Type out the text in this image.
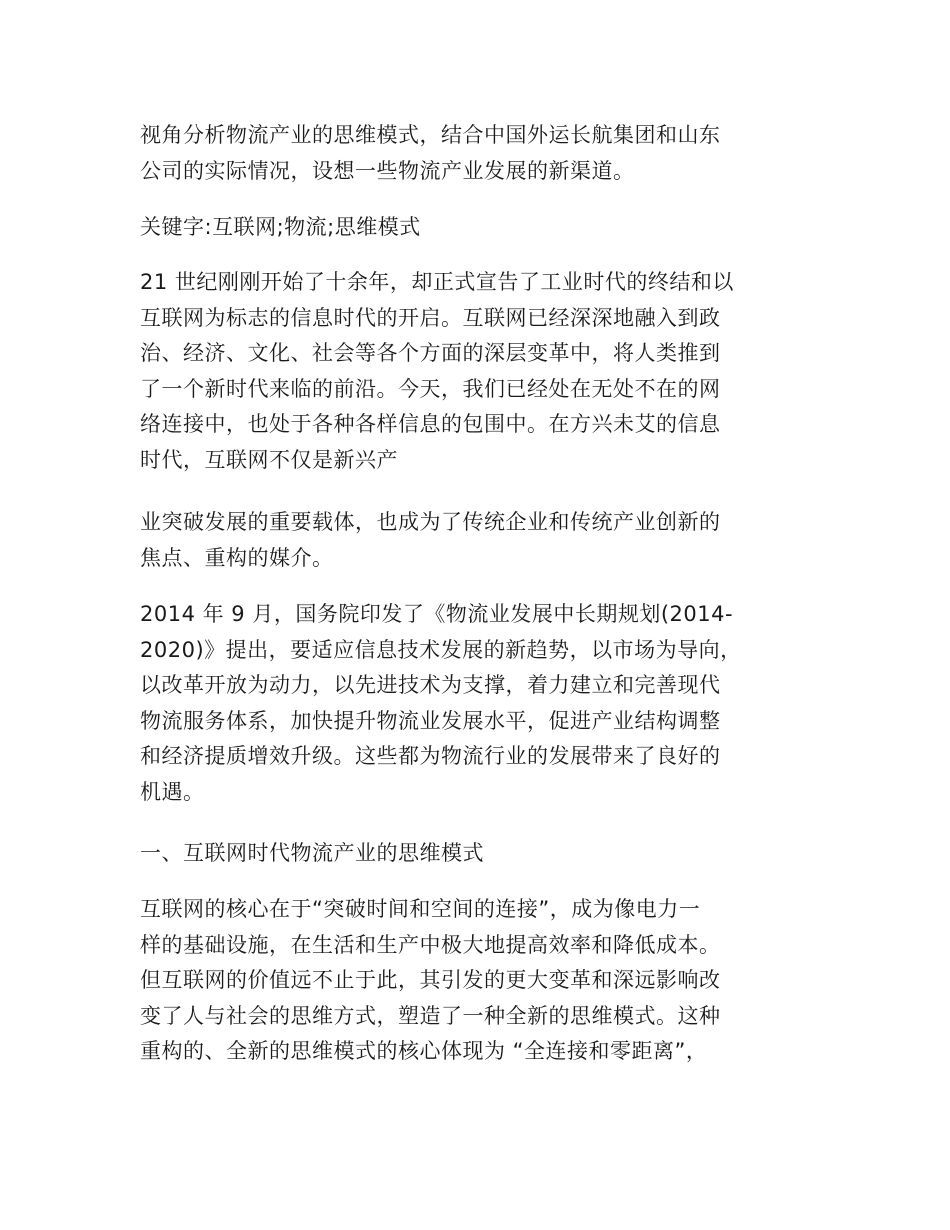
视角分析物流产业的思维模式，结合中国外运长航集团和山东
公司的实际情况，设想一些物流产业发展的新渠道。

关键字:互联网;物流;思维模式

21 世纪刚刚开始了十余年，却正式宣告了工业时代的终结和以
互联网为标志的信息时代的开启。互联网已经深深地融入到政
治、经济、文化、社会等各个方面的深层变革中，将人类推到
了一个新时代来临的前沿。今天，我们已经处在无处不在的网
络连接中，也处于各种各样信息的包围中。在方兴未艾的信息
时代，互联网不仅是新兴产

业突破发展的重要载体，也成为了传统企业和传统产业创新的
焦点、重构的媒介。

2014 年 9 月，国务院印发了《物流业发展中长期规划(2014-
2020)》提出，要适应信息技术发展的新趋势，以市场为导向，
以改革开放为动力，以先进技术为支撑，着力建立和完善现代
物流服务体系，加快提升物流业发展水平，促进产业结构调整
和经济提质增效升级。这些都为物流行业的发展带来了良好的
机遇。

一、互联网时代物流产业的思维模式

互联网的核心在于“突破时间和空间的连接”，成为像电力一
样的基础设施，在生活和生产中极大地提高效率和降低成本。
但互联网的价值远不止于此，其引发的更大变革和深远影响改
变了人与社会的思维方式，塑造了一种全新的思维模式。这种
重构的、全新的思维模式的核心体现为 “全连接和零距离”，
